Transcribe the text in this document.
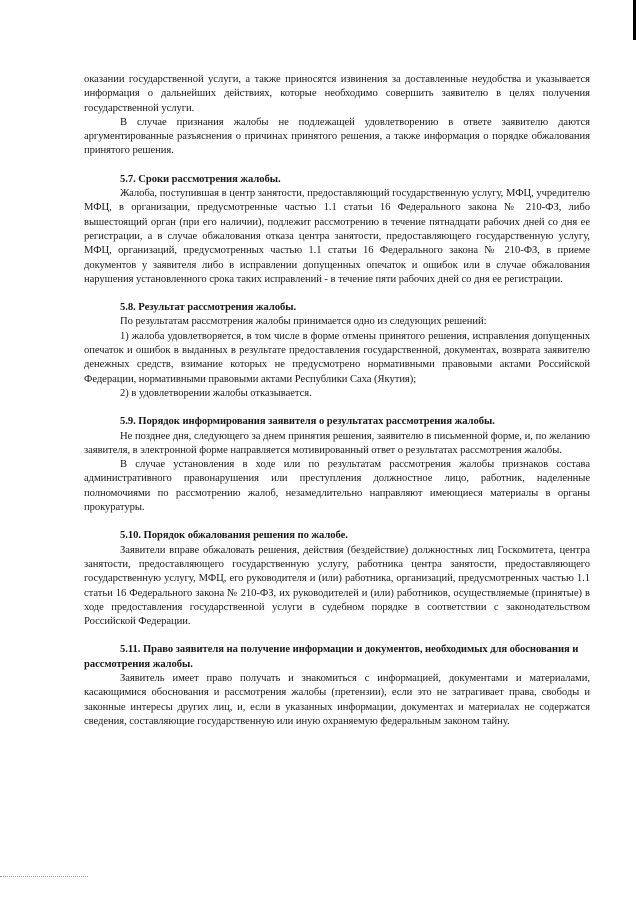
оказании государственной услуги, а также приносятся извинения за доставленные неудобства и указывается информация о дальнейших действиях, которые необходимо совершить заявителю в целях получения государственной услуги.

В случае признания жалобы не подлежащей удовлетворению в ответе заявителю даются аргументированные разъяснения о причинах принятого решения, а также информация о порядке обжалования принятого решения.

5.7. Сроки рассмотрения жалобы.

Жалоба, поступившая в центр занятости, предоставляющий государственную услугу, МФЦ, учредителю МФЦ, в организации, предусмотренные частью 1.1 статьи 16 Федерального закона № 210-ФЗ, либо вышестоящий орган (при его наличии), подлежит рассмотрению в течение пятнадцати рабочих дней со дня ее регистрации, а в случае обжалования отказа центра занятости, предоставляющего государственную услугу, МФЦ, организаций, предусмотренных частью 1.1 статьи 16 Федерального закона № 210-ФЗ, в приеме документов у заявителя либо в исправлении допущенных опечаток и ошибок или в случае обжалования нарушения установленного срока таких исправлений - в течение пяти рабочих дней со дня ее регистрации.

5.8. Результат рассмотрения жалобы.

По результатам рассмотрения жалобы принимается одно из следующих решений:

1) жалоба удовлетворяется, в том числе в форме отмены принятого решения, исправления допущенных опечаток и ошибок в выданных в результате предоставления государственной, документах, возврата заявителю денежных средств, взимание которых не предусмотрено нормативными правовыми актами Российской Федерации, нормативными правовыми актами Республики Саха (Якутия);

2) в удовлетворении жалобы отказывается.

5.9. Порядок информирования заявителя о результатах рассмотрения жалобы.

Не позднее дня, следующего за днем принятия решения, заявителю в письменной форме, и, по желанию заявителя, в электронной форме направляется мотивированный ответ о результатах рассмотрения жалобы.

В случае установления в ходе или по результатам рассмотрения жалобы признаков состава административного правонарушения или преступления должностное лицо, работник, наделенные полномочиями по рассмотрению жалоб, незамедлительно направляют имеющиеся материалы в органы прокуратуры.

5.10. Порядок обжалования решения по жалобе.

Заявители вправе обжаловать решения, действия (бездействие) должностных лиц Госкомитета, центра занятости, предоставляющего государственную услугу, работника центра занятости, предоставляющего государственную услугу, МФЦ, его руководителя и (или) работника, организаций, предусмотренных частью 1.1 статьи 16 Федерального закона № 210-ФЗ, их руководителей и (или) работников, осуществляемые (принятые) в ходе предоставления государственной услуги в судебном порядке в соответствии с законодательством Российской Федерации.

5.11. Право заявителя на получение информации и документов, необходимых для обоснования и рассмотрения жалобы.

Заявитель имеет право получать и знакомиться с информацией, документами и материалами, касающимися обоснования и рассмотрения жалобы (претензии), если это не затрагивает права, свободы и законные интересы других лиц, и, если в указанных информации, документах и материалах не содержатся сведения, составляющие государственную или иную охраняемую федеральным законом тайну.
